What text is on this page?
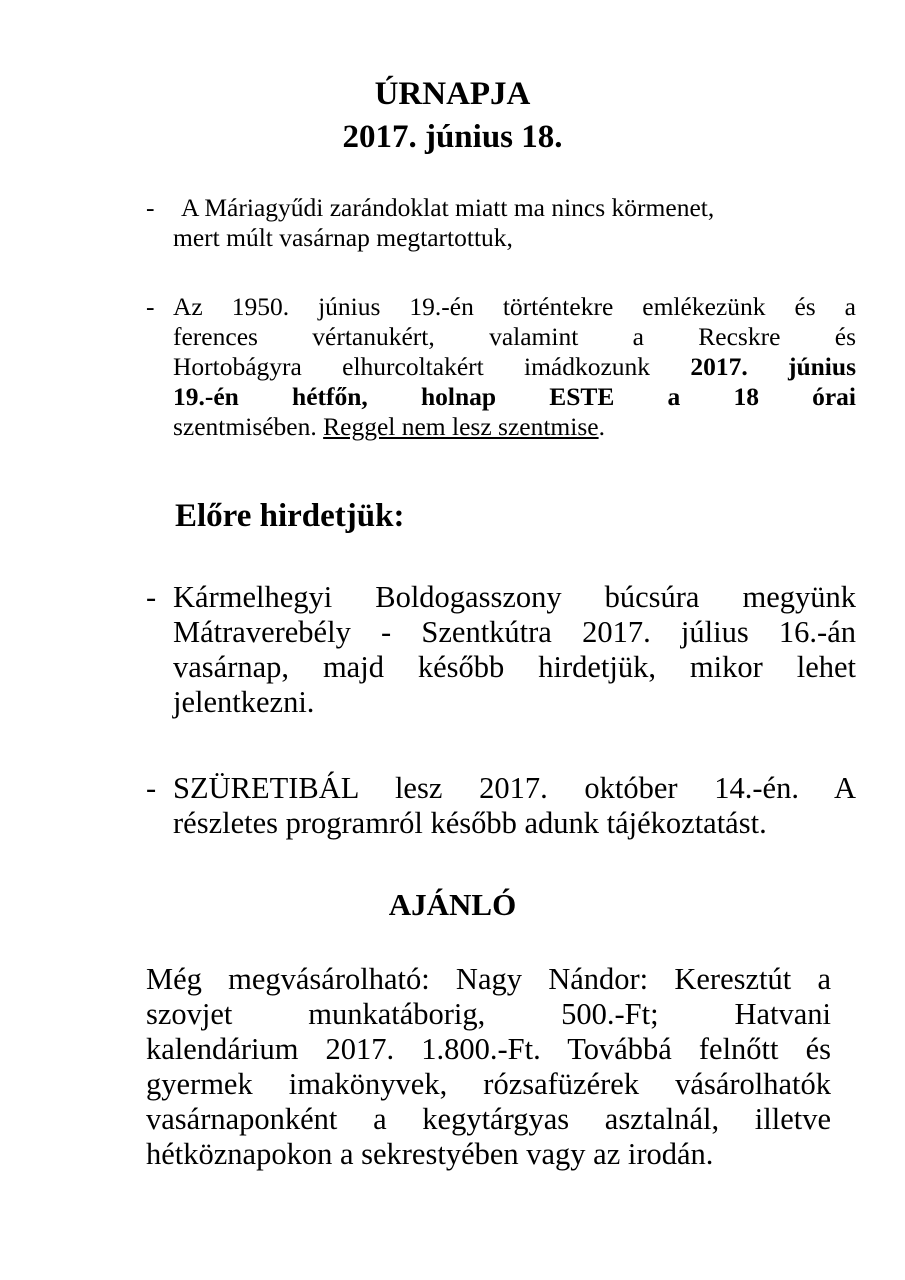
ÚRNAPJA
2017. június 18.
-	A Máriagyűdi zarándoklat miatt ma nincs körmenet,
mert múlt vasárnap megtartottuk,
- Az 1950. június 19.-én történtekre emlékezünk és a
ferences vértanukért, valamint a Recskre és
Hortobágyra elhurcoltakért imádkozunk 2017. június
19.-én hétfőn, holnap ESTE a 18 órai
szentmisében. Reggel nem lesz szentmise.
Előre hirdetjük:
- Kármelhegyi Boldogasszony búcsúra megyünk
Mátraverebély - Szentkútra 2017. július 16.-án
vasárnap, majd később hirdetjük, mikor lehet
jelentkezni.
- SZÜRETIBÁL lesz 2017. október 14.-én. A
részletes programról később adunk tájékoztatást.
AJÁNLÓ
Még megvásárolható: Nagy Nándor: Keresztút a
szovjet munkatáborig, 500.-Ft; Hatvani
kalendárium 2017. 1.800.-Ft. Továbbá felnőtt és
gyermek imakönyvek, rózsafüzérek vásárolhatók
vasárnaponként a kegytárgyas asztalnál, illetve
hétköznapokon a sekrestyében vagy az irodán.
